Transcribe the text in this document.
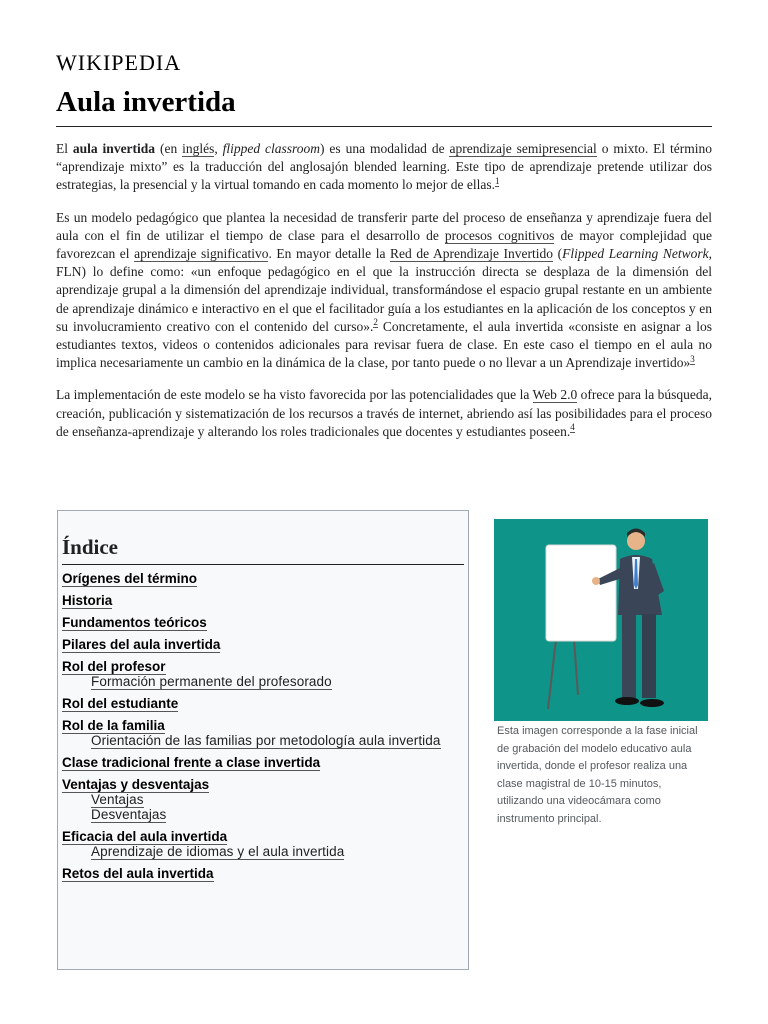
WIKIPEDIA
Aula invertida

El aula invertida (en inglés, flipped classroom) es una modalidad de aprendizaje semipresencial o mixto. El término “aprendizaje mixto” es la traducción del anglosajón blended learning. Este tipo de aprendizaje pretende utilizar dos estrategias, la presencial y la virtual tomando en cada momento lo mejor de ellas.$^1$

Es un modelo pedagógico que plantea la necesidad de transferir parte del proceso de enseñanza y aprendizaje fuera del aula con el fin de utilizar el tiempo de clase para el desarrollo de procesos cognitivos de mayor complejidad que favorezcan el aprendizaje significativo. En mayor detalle la Red de Aprendizaje Invertido (Flipped Learning Network, FLN) lo define como: «un enfoque pedagógico en el que la instrucción directa se desplaza de la dimensión del aprendizaje grupal a la dimensión del aprendizaje individual, transformándose el espacio grupal restante en un ambiente de aprendizaje dinámico e interactivo en el que el facilitador guía a los estudiantes en la aplicación de los conceptos y en su involucramiento creativo con el contenido del curso».$^2$ Concretamente, el aula invertida «consiste en asignar a los estudiantes textos, videos o contenidos adicionales para revisar fuera de clase. En este caso el tiempo en el aula no implica necesariamente un cambio en la dinámica de la clase, por tanto puede o no llevar a un Aprendizaje invertido»$^3$

La implementación de este modelo se ha visto favorecida por las potencialidades que la Web 2.0 ofrece para la búsqueda, creación, publicación y sistematización de los recursos a través de internet, abriendo así las posibilidades para el proceso de enseñanza-aprendizaje y alterando los roles tradicionales que docentes y estudiantes poseen.$^4$

Índice
Orígenes del término
Historia
Fundamentos teóricos
Pilares del aula invertida
Rol del profesor
Formación permanente del profesorado
Rol del estudiante
Rol de la familia
Orientación de las familias por metodología aula invertida
Clase tradicional frente a clase invertida
Ventajas y desventajas
Ventajas
Desventajas
Eficacia del aula invertida
Aprendizaje de idiomas y el aula invertida
Retos del aula invertida
Esta imagen corresponde a la fase inicial de grabación del modelo educativo aula invertida, donde el profesor realiza una clase magistral de 10-15 minutos, utilizando una videocámara como instrumento principal.
